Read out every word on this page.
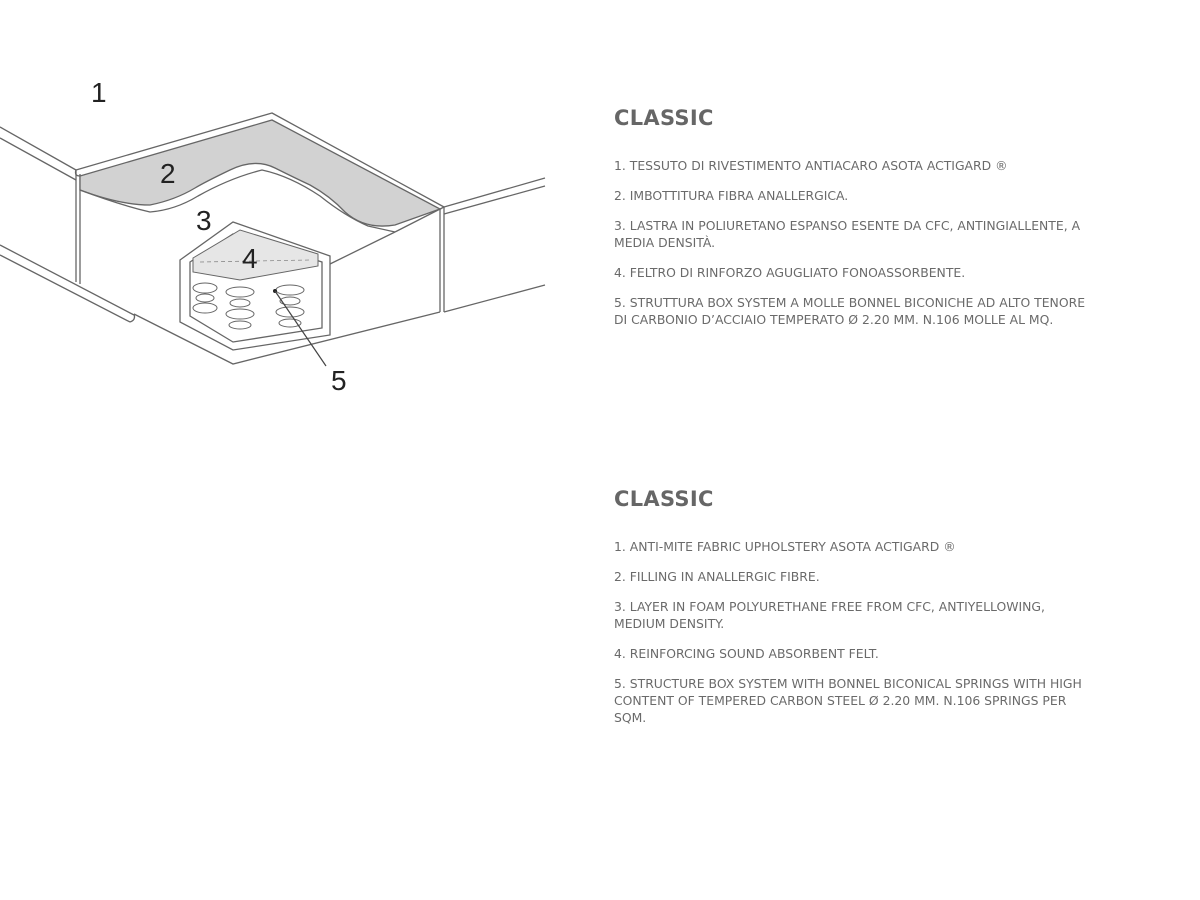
1
2
3
4
5
CLASSIC
1. TESSUTO DI RIVESTIMENTO ANTIACARO ASOTA ACTIGARD ®
2. IMBOTTITURA FIBRA ANALLERGICA.
3. LASTRA IN POLIURETANO ESPANSO ESENTE DA CFC, ANTINGIALLENTE, A MEDIA DENSITÀ.
4. FELTRO DI RINFORZO AGUGLIATO FONOASSORBENTE.
5. STRUTTURA BOX SYSTEM A MOLLE BONNEL BICONICHE AD ALTO TENORE DI CARBONIO D’ACCIAIO TEMPERATO Ø 2.20 MM. N.106 MOLLE AL MQ.
CLASSIC
1. ANTI-MITE FABRIC UPHOLSTERY ASOTA ACTIGARD ®
2. FILLING IN ANALLERGIC FIBRE.
3. LAYER IN FOAM POLYURETHANE FREE FROM CFC, ANTIYELLOWING, MEDIUM DENSITY.
4. REINFORCING SOUND ABSORBENT FELT.
5. STRUCTURE BOX SYSTEM WITH BONNEL BICONICAL SPRINGS WITH HIGH CONTENT OF TEMPERED CARBON STEEL Ø 2.20 MM. N.106 SPRINGS PER SQM.
